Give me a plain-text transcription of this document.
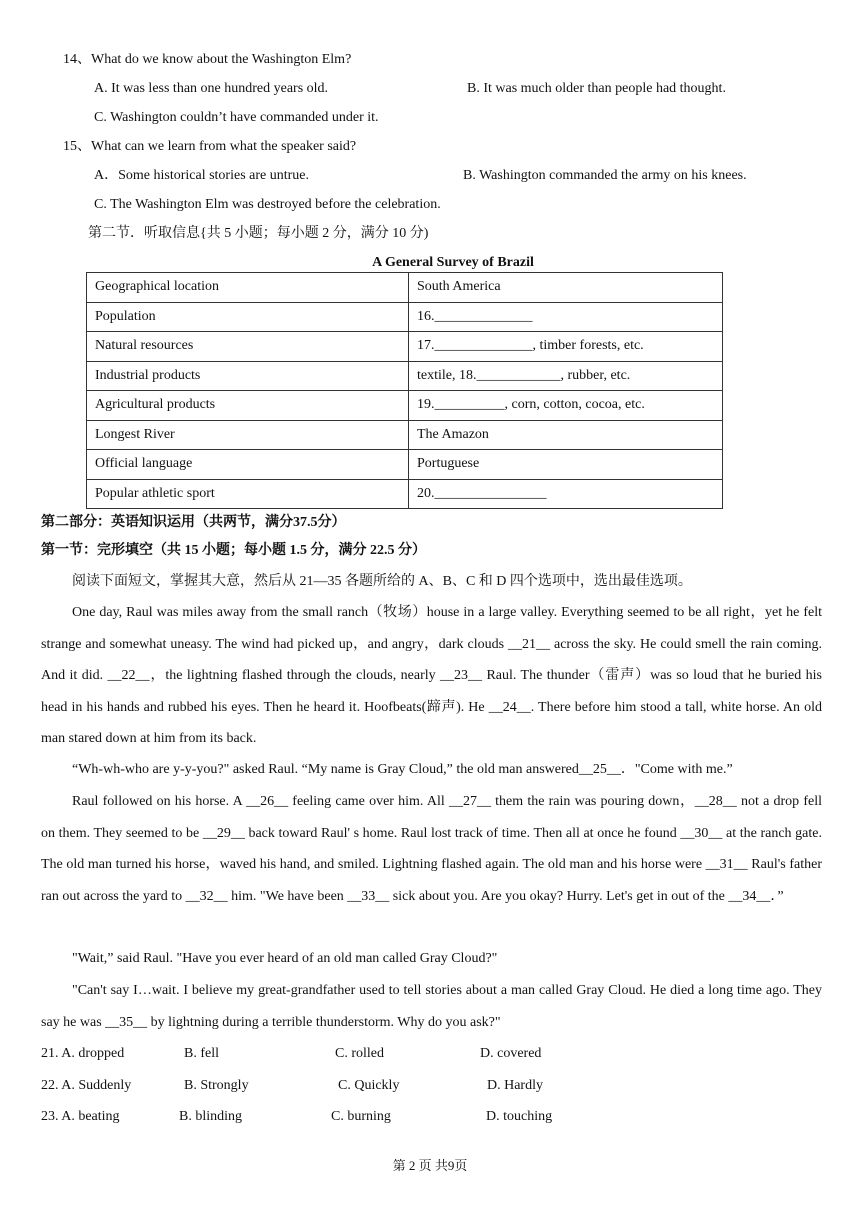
14、What do we know about the Washington Elm?
A. It was less than one hundred years old.	B. It was much older than people had thought.
C. Washington couldn’t have commanded under it.
15、What can we learn from what the speaker said?
A．Some historical stories are untrue.	B. Washington commanded the army on his knees.
C. The Washington Elm was destroyed before the celebration.
第二节．听取信息{共 5 小题；每小题 2 分，满分 10 分)
A General Survey of Brazil
Geographical location	South America
Population	16.______________
Natural resources	17.______________, timber forests, etc.
Industrial products	textile, 18.____________, rubber, etc.
Agricultural products	19.__________, corn, cotton, cocoa, etc.
Longest River	The Amazon
Official language	Portuguese
Popular athletic sport	20.________________
第二部分：英语知识运用（共两节，满分37.5分）
第一节：完形填空（共 15 小题；每小题 1.5 分，满分 22.5 分）
阅读下面短文，掌握其大意，然后从 21—35 各题所给的 A、B、C 和 D 四个选项中，选出最佳选项。
One day, Raul was miles away from the small ranch（牧场）house in a large valley. Everything seemed to be all right，yet he felt strange and somewhat uneasy. The wind had picked up，and angry，dark clouds __21__ across the sky. He could smell the rain coming. And it did. __22__，the lightning flashed through the clouds, nearly __23__ Raul. The thunder（雷声）was so loud that he buried his head in his hands and rubbed his eyes. Then he heard it. Hoofbeats(蹄声). He __24__. There before him stood a tall, white horse. An old man stared down at him from its back.
“Wh-wh-who are y-y-you?" asked Raul. “My name is Gray Cloud,” the old man answered__25__．"Come with me.”
Raul followed on his horse. A __26__ feeling came over him. All __27__ them the rain was pouring down，__28__ not a drop fell on them. They seemed to be __29__ back toward Raul' s home. Raul lost track of time. Then all at once he found __30__ at the ranch gate. The old man turned his horse，waved his hand, and smiled. Lightning flashed again. The old man and his horse were __31__ Raul's father ran out across the yard to __32__ him. "We have been __33__ sick about you. Are you okay? Hurry. Let's get in out of the __34__．”
"Wait,” said Raul. "Have you ever heard of an old man called Gray Cloud?"
"Can't say I…wait. I believe my great-grandfather used to tell stories about a man called Gray Cloud. He died a long time ago. They say he was __35__ by lightning during a terrible thunderstorm. Why do you ask?"
21. A. dropped	B. fell	C. rolled	D. covered
22. A. Suddenly	B. Strongly	C. Quickly	D. Hardly
23. A. beating	B. blinding	C. burning	D. touching
第 2 页 共9页
